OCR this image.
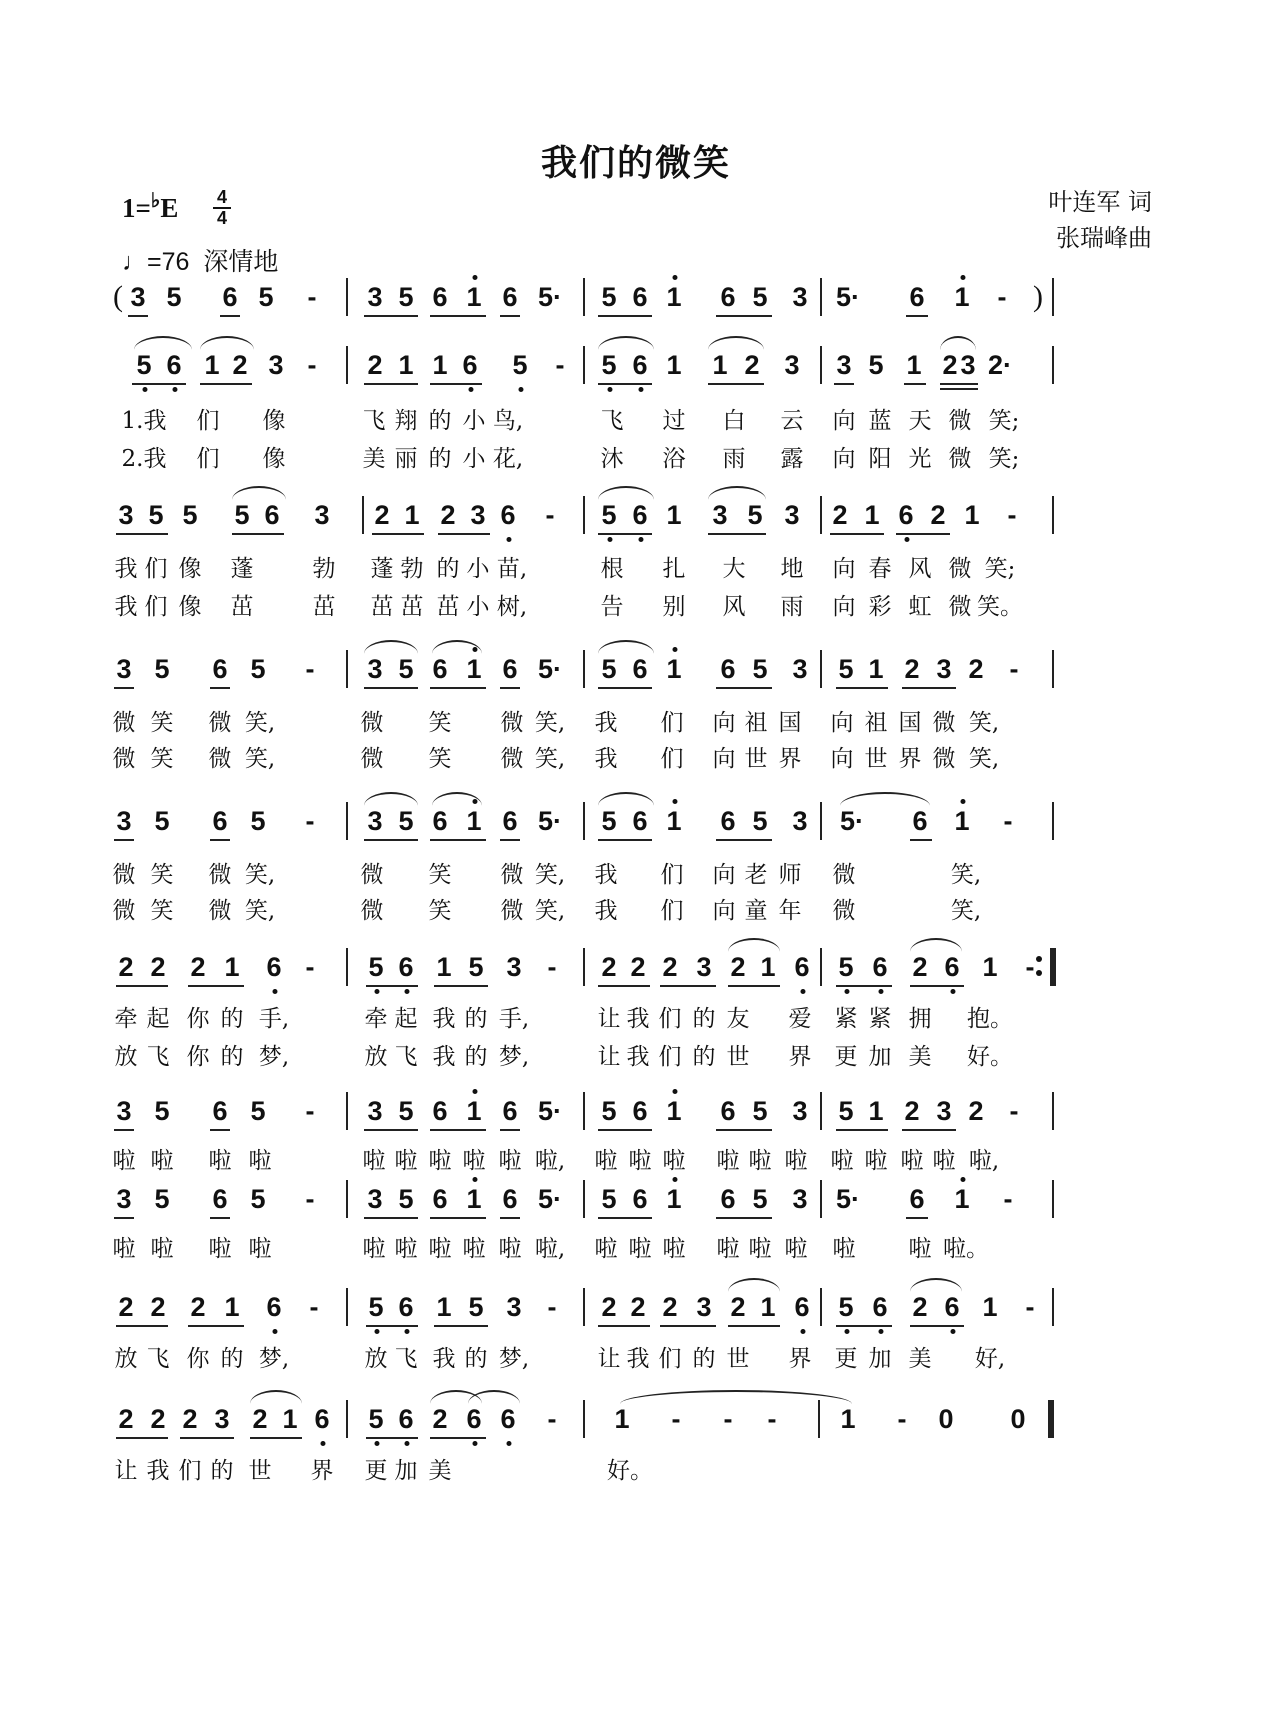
我们的微笑
1=♭E 4
4
♩=76 深情地
叶连军 词
张瑞峰曲
( 3 5 6 5 - 3 5 6 1 6 5· 5 6 1 6 5 3 5· 6 1 - )
5 6 1 2 3 - 2 1 1 6 5 - 5 6 1 1 2 3 3 5 1 2 3 2·
1.我 们 像	飞 翔 的 小 鸟,	飞 过 白 云 向 蓝 天 微 笑;
2.我 们 像	美 丽 的 小 花,	沐 浴 雨 露 向 阳 光 微 笑;
3 5 5 5 6 3 2 1 2 3 6 - 5 6 1 3 5 3 2 1 6 2 1 -
我 们 像 蓬	勃 蓬 勃 的 小 苗,	根 扎 大 地 向 春 风 微 笑;
我 们 像 茁	茁
茁	茁 茁 小 树,	告 别 风 雨 向 彩 虹 微 笑。
3 5 6 5 - 3 5 6 1 6 5· 5 6 1 6 5 3 5 1 2 3 2 -
微 笑 微 笑,	微 笑 微 笑, 我 们 向 祖 国 向 祖 国 微 笑,
微 笑 微 笑,	微 笑 微 笑, 我 们 向 世 界 向 世 界 微 笑,
3 5 6 5 - 3 5 6 1 6 5· 5 6 1 6 5 3 5· 6 1 -
微 笑 微 笑,	微 笑 微 笑, 我 们 向 老 师 微	笑,
微 笑 微 笑,	微 笑 微 笑, 我 们 向 童 年 微	笑,
2 2 2 1 6 - 5 6 1 5 3 - 2 2 2 3 2 1 6 5 6 2 6 1 -
牵 起 你 的 手,	牵 起 我 的 手,	让 我 们 的 友 爱 紧 紧 拥 抱。
放 飞 你 的 梦,	放 飞 我 的 梦,	让 我 们 的 世 界 更 加 美 好。
3 5 6 5 - 3 5 6 1 6 5· 5 6 1 6 5 3 5 1 2 3 2 -
啦 啦 啦 啦	啦 啦 啦 啦 啦 啦, 啦 啦 啦 啦 啦 啦 啦 啦 啦 啦 啦,
3 5 6 5 - 3 5 6 1 6 5· 5 6 1 6 5 3 5· 6 1 -
啦 啦 啦 啦	啦 啦 啦 啦 啦 啦, 啦 啦 啦 啦 啦 啦 啦 啦 啦。
2 2 2 1 6 - 5 6 1 5 3 - 2 2 2 3 2 1 6 5 6 2 6 1 -
放 飞 你 的 梦,	放 飞 我 的 梦,	让 我 们 的 世 界 更 加 美 好,
2 2 2 3 2 1 6 5 6 2 6 6 - 1 - - - 1 - 0 0
让 我 们 的 世 界 更 加 美	好。
